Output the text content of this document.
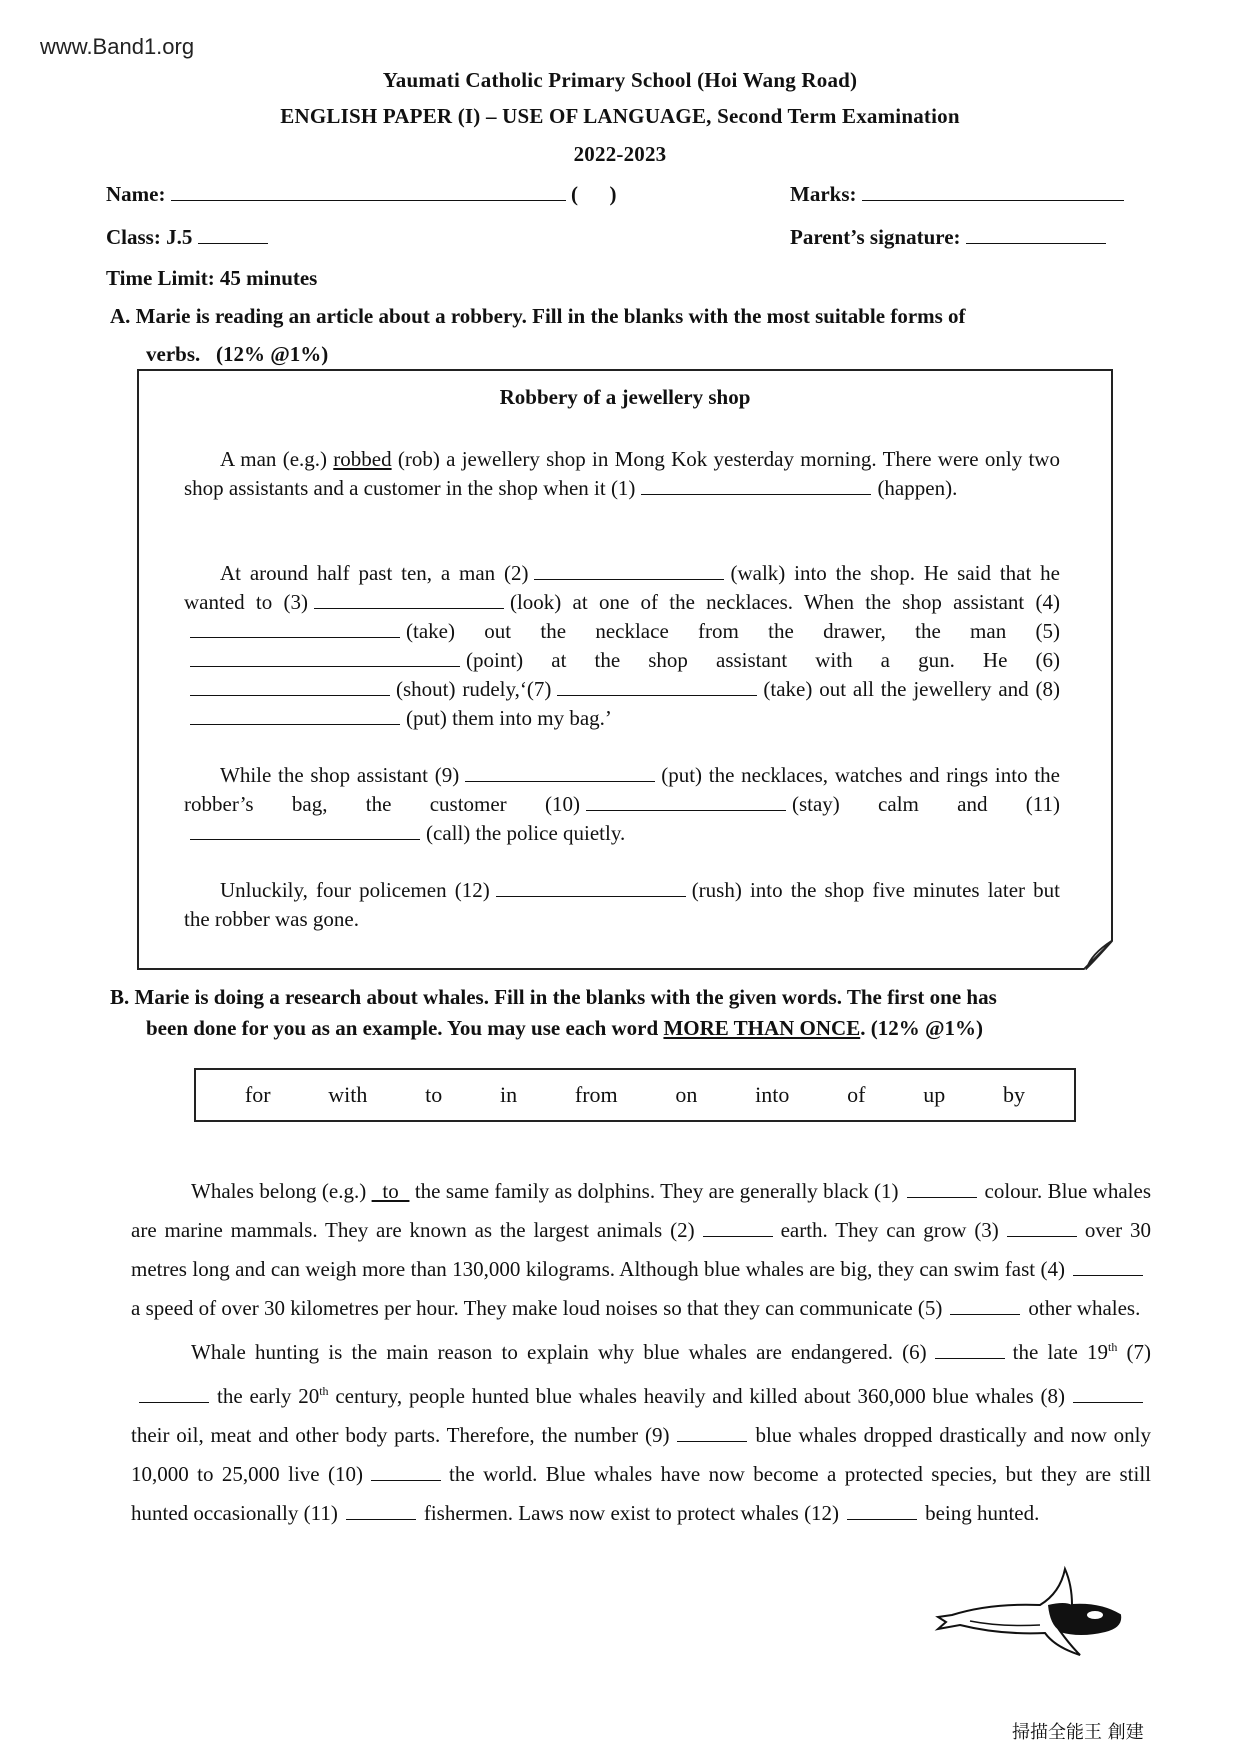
www.Band1.org
Yaumati Catholic Primary School (Hoi Wang Road)
ENGLISH PAPER (I) – USE OF LANGUAGE, Second Term Examination
2022-2023
Name:	(      )	Marks:
Class: J.5	Parent’s signature:
Time Limit: 45 minutes
A. Marie is reading an article about a robbery. Fill in the blanks with the most suitable forms of
verbs.   (12% @1%)
Robbery of a jewellery shop
A man (e.g.) robbed (rob) a jewellery shop in Mong Kok yesterday morning. There were only two shop assistants and a customer in the shop when it (1)	(happen).
At around half past ten, a man (2)	(walk) into the shop. He said that he wanted to (3)	(look) at one of the necklaces. When the shop assistant (4)(take) out the necklace from the drawer, the man (5)(point) at the shop assistant with a gun. He (6)(shout) rudely,‘(7)	(take) out all the jewellery and (8)(put) them into my bag.’
While the shop assistant (9)	(put) the necklaces, watches and rings into the robber’s bag, the customer (10)	(stay) calm and (11)(call) the police quietly.
Unluckily, four policemen (12)	(rush) into the shop five minutes later but the robber was gone.
B. Marie is doing a research about whales. Fill in the blanks with the given words. The first one has
been done for you as an example. You may use each word MORE THAN ONCE. (12% @1%)
for	with	to	in	from	on	into	of	up	by
Whales belong (e.g.)   to   the same family as dolphins. They are generally black (1)	colour. Blue whales are marine mammals. They are known as the largest animals (2)	earth. They can grow (3)	over 30 metres long and can weigh more than 130,000 kilograms. Although blue whales are big, they can swim fast (4)a speed of over 30 kilometres per hour. They make loud noises so that they can communicate (5)	other whales.
Whale hunting is the main reason to explain why blue whales are endangered. (6)	the late 19th (7)the early 20th century, people hunted blue whales heavily and killed about 360,000 blue whales (8)their oil, meat and other body parts. Therefore, the number (9)	blue whales dropped drastically and now only 10,000 to 25,000 live (10)	the world. Blue whales have now become a protected species, but they are still hunted occasionally (11)	fishermen. Laws now exist to protect whales (12)	being hunted.
掃描全能王 創建
